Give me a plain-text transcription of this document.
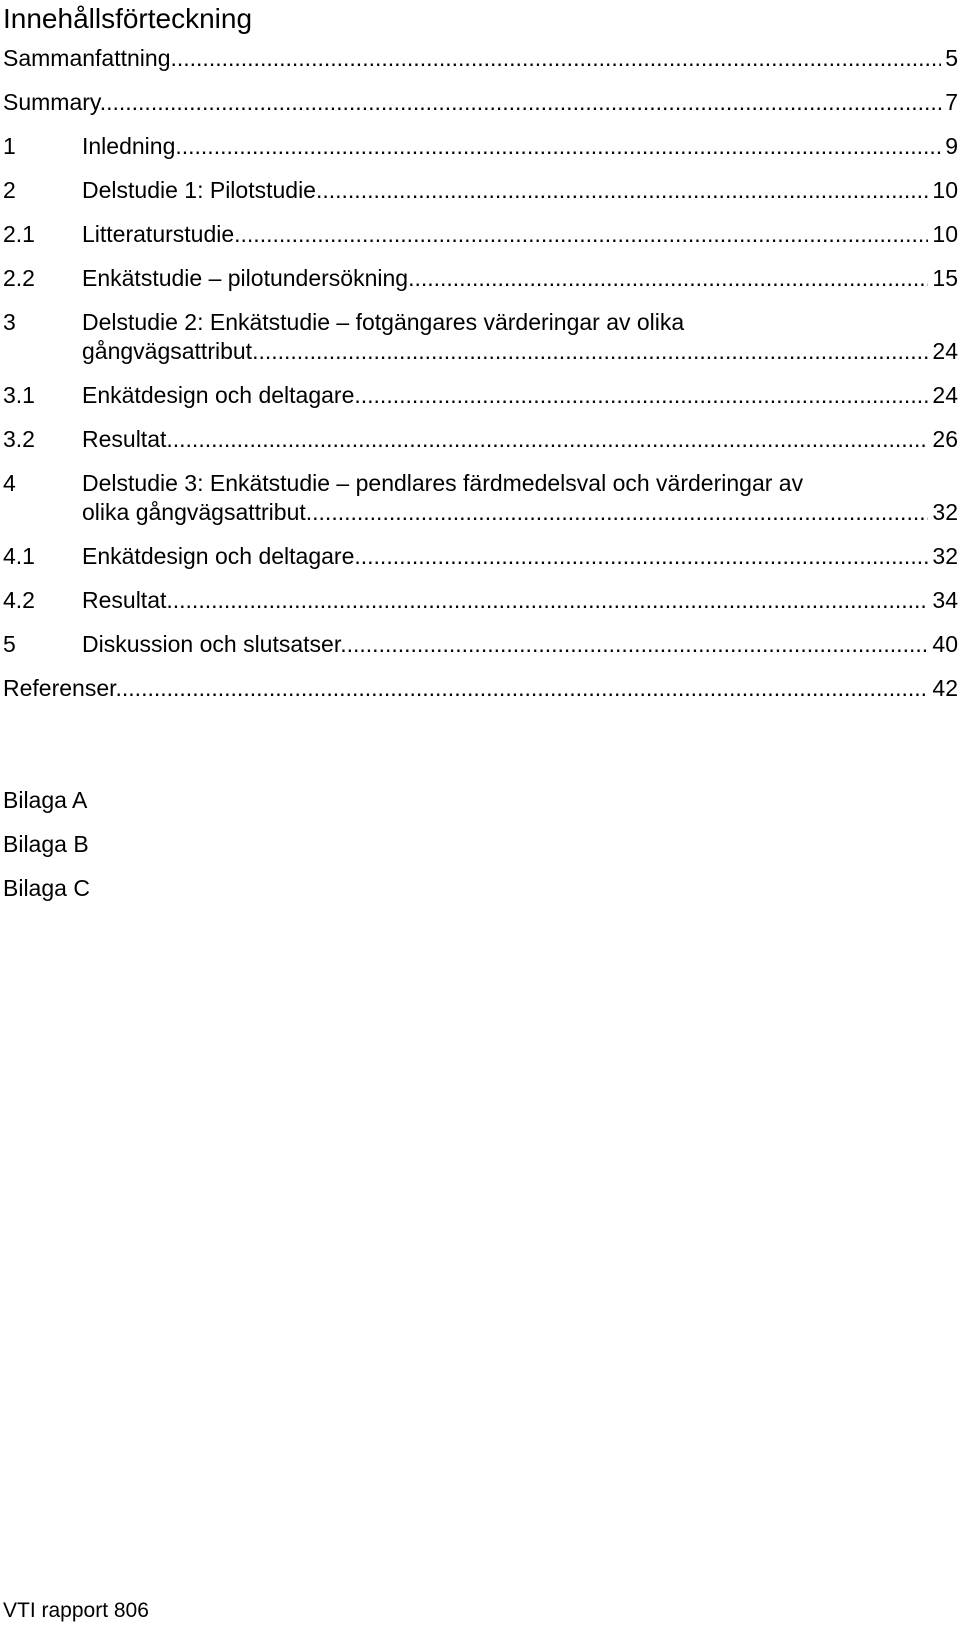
Innehållsförteckning
Sammanfattning .....	5
Summary .....	7
1	Inledning .....	9
2	Delstudie 1: Pilotstudie .....	10
2.1	Litteraturstudie .....	10
2.2	Enkätstudie – pilotundersökning .....	15
3	Delstudie 2: Enkätstudie – fotgängares värderingar av olika
gångvägsattribut .....	24
3.1	Enkätdesign och deltagare .....	24
3.2	Resultat .....	26
4	Delstudie 3: Enkätstudie – pendlares färdmedelsval och värderingar av
olika gångvägsattribut .....	32
4.1	Enkätdesign och deltagare .....	32
4.2	Resultat .....	34
5	Diskussion och slutsatser .....	40
Referenser .....	42
Bilaga A
Bilaga B
Bilaga C
VTI rapport 806
